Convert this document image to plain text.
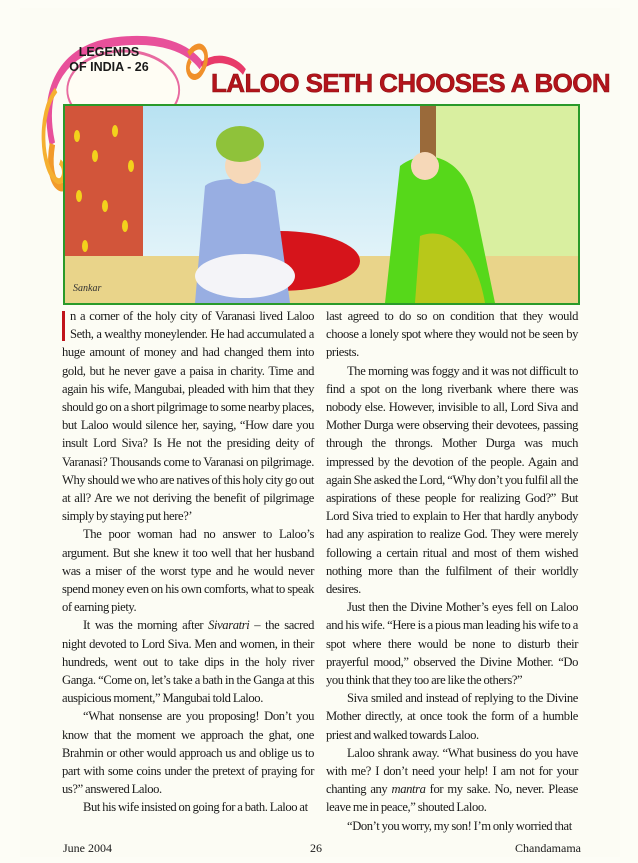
LEGENDS
OF INDIA - 26
LALOO SETH CHOOSES A BOON
Sankar

n a corner of the holy city of Varanasi lived Laloo Seth, a wealthy moneylender. He had accumulated a huge amount of money and had changed them into gold, but he never gave a paisa in charity. Time and again his wife, Mangubai, pleaded with him that they should go on a short pilgrimage to some nearby places, but Laloo would silence her, saying, “How dare you insult Lord Siva? Is He not the presiding deity of Varanasi? Thousands come to Varanasi on pilgrimage. Why should we who are natives of this holy city go out at all? Are we not deriving the benefit of pilgrimage simply by staying put here?’

The poor woman had no answer to Laloo’s argument. But she knew it too well that her husband was a miser of the worst type and he would never spend money even on his own comforts, what to speak of earning piety.

It was the morning after Sivaratri – the sacred night devoted to Lord Siva. Men and women, in their hundreds, went out to take dips in the holy river Ganga. “Come on, let’s take a bath in the Ganga at this auspicious moment,” Mangubai told Laloo.

“What nonsense are you proposing! Don’t you know that the moment we approach the ghat, one Brahmin or other would approach us and oblige us to part with some coins under the pretext of praying for us?” answered Laloo.

But his wife insisted on going for a bath. Laloo at

last agreed to do so on condition that they would choose a lonely spot where they would not be seen by priests.

The morning was foggy and it was not difficult to find a spot on the long riverbank where there was nobody else. However, invisible to all, Lord Siva and Mother Durga were observing their devotees, passing through the throngs. Mother Durga was much impressed by the devotion of the people. Again and again She asked the Lord, “Why don’t you fulfil all the aspirations of these people for realizing God?” But Lord Siva tried to explain to Her that hardly anybody had any aspiration to realize God. They were merely following a certain ritual and most of them wished nothing more than the fulfilment of their worldly desires.

Just then the Divine Mother’s eyes fell on Laloo and his wife. “Here is a pious man leading his wife to a spot where there would be none to disturb their prayerful mood,” observed the Divine Mother. “Do you think that they too are like the others?”

Siva smiled and instead of replying to the Divine Mother directly, at once took the form of a humble priest and walked towards Laloo.

Laloo shrank away. “What business do you have with me? I don’t need your help! I am not for your chanting any mantra for my sake. No, never. Please leave me in peace,” shouted Laloo.

“Don’t you worry, my son! I’m only worried that

June 2004	26	Chandamama
